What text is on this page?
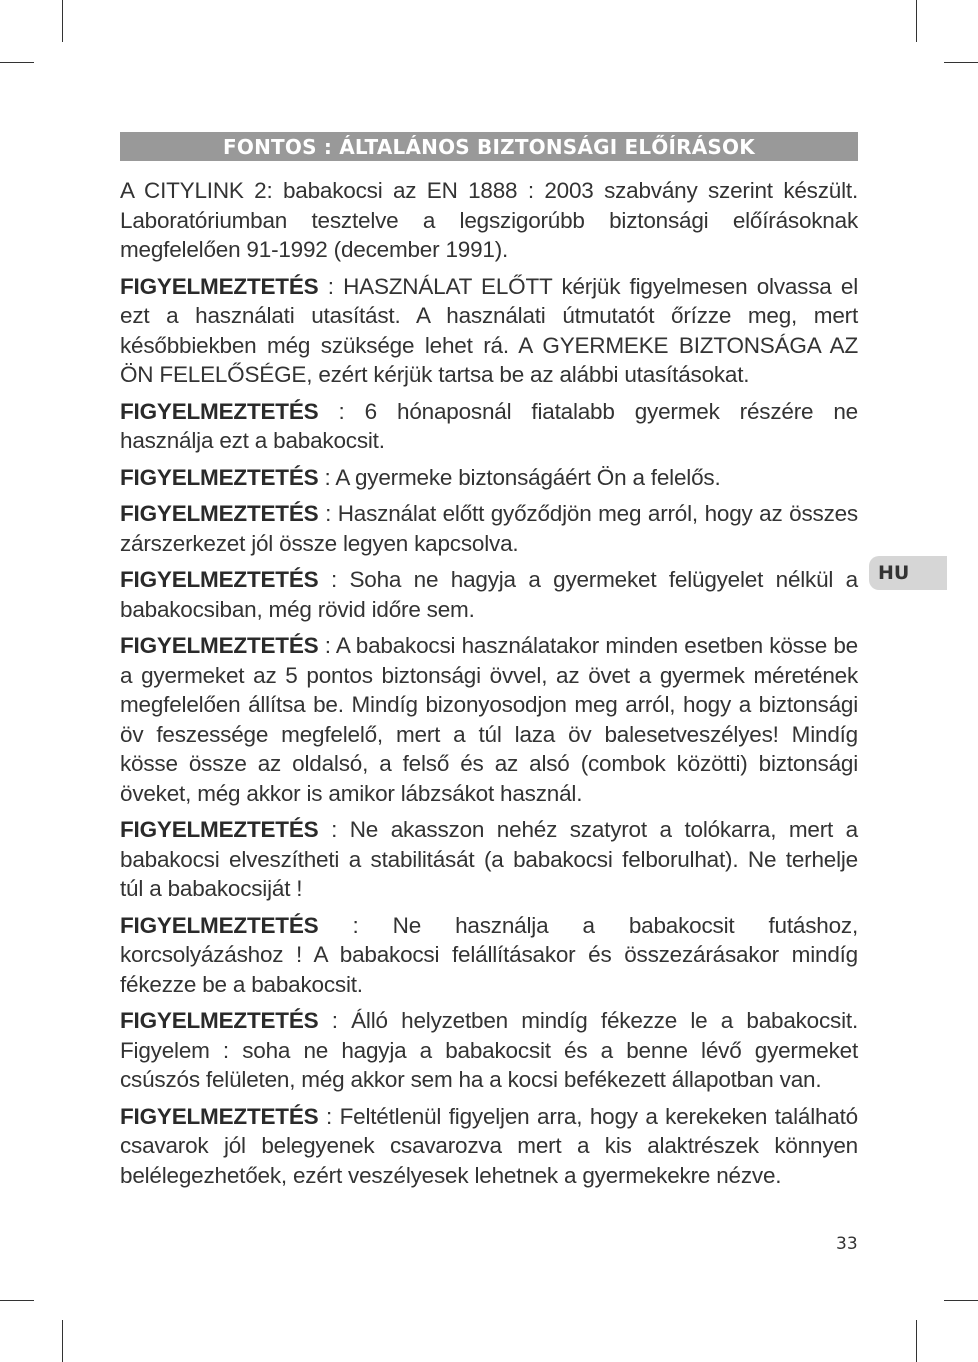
FONTOS : ÁLTALÁNOS BIZTONSÁGI ELŐÍRÁSOK

A CITYLINK 2: babakocsi az EN 1888 : 2003 szabvány szerint készült. Laboratóriumban tesztelve a legszigorúbb biztonsági előírásoknak megfelelően 91-1992 (december 1991).

FIGYELMEZTETÉS : HASZNÁLAT ELŐTT kérjük figyelmesen olvassa el ezt a használati utasítást. A használati útmutatót őrízze meg, mert későbbiekben még szüksége lehet rá. A GYERMEKE BIZTONSÁGA AZ ÖN FELELŐSÉGE, ezért kérjük tartsa be az alábbi utasításokat.

FIGYELMEZTETÉS : 6 hónaposnál fiatalabb gyermek részére ne használja ezt a babakocsit.

FIGYELMEZTETÉS : A gyermeke biztonságáért Ön a felelős.

FIGYELMEZTETÉS : Használat előtt győződjön meg arról, hogy az összes zárszerkezet jól össze legyen kapcsolva.

FIGYELMEZTETÉS : Soha ne hagyja a gyermeket felügyelet nélkül a babakocsiban, még rövid időre sem.

FIGYELMEZTETÉS : A babakocsi használatakor minden esetben kösse be a gyermeket az 5 pontos biztonsági övvel, az övet a gyermek méretének megfelelően állítsa be. Mindíg bizonyosodjon meg arról, hogy a biztonsági öv feszessége megfelelő, mert a túl laza öv balesetveszélyes! Mindíg kösse össze az oldalsó, a felső és az alsó (combok közötti) biztonsági öveket, még akkor is amikor lábzsákot használ.

FIGYELMEZTETÉS : Ne akasszon nehéz szatyrot a tolókarra, mert a babakocsi elveszítheti a stabilitását (a babakocsi felborulhat). Ne terhelje túl a babakocsiját !

FIGYELMEZTETÉS : Ne használja a babakocsit futáshoz, korcsolyázáshoz ! A babakocsi felállításakor és összezárásakor mindíg fékezze be a babakocsit.

FIGYELMEZTETÉS : Álló helyzetben mindíg fékezze le a babakocsit. Figyelem : soha ne hagyja a babakocsit és a benne lévő gyermeket csúszós felületen, még akkor sem ha a kocsi befékezett állapotban van.

FIGYELMEZTETÉS : Feltétlenül figyeljen arra, hogy a kerekeken található csavarok jól belegyenek csavarozva mert a kis alaktrészek könnyen belélegezhetőek, ezért veszélyesek lehetnek a gyermekekre nézve.

HU
33
